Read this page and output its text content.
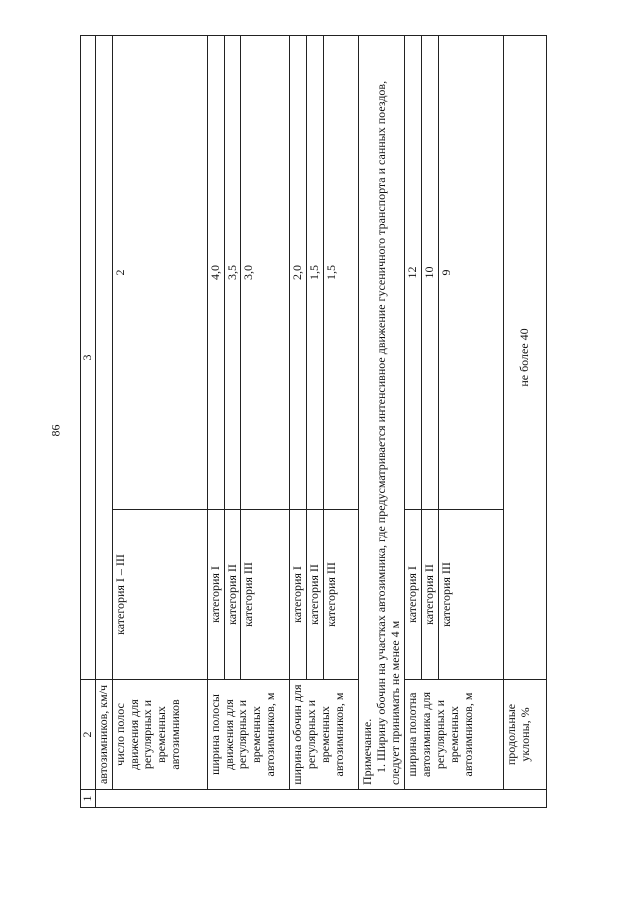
86
1	2	3	
	автозимников, км/ч		
	число полос движения для регулярных и временных автозимников	категория I – III	2
	ширина полосы движения для регулярных и временных автозимников, м	категория I	4,0
		категория II	3,5
		категория III	3,0
	ширина обочин для регулярных и временных автозимников, м	категория I	2,0
		категория II	1,5
		категория III	1,5

	Примечание. 1. Ширину обочин на участках автозимника, где предусматривается интенсивное движение гусеничного транспорта и санных поездов, следует принимать не менее 4 м		

	ширина полотна автозимника для регулярных и временных автозимников, м	категория I	12
		категория II	10
		категория III	9
	продольные уклоны, %	не более 40	
